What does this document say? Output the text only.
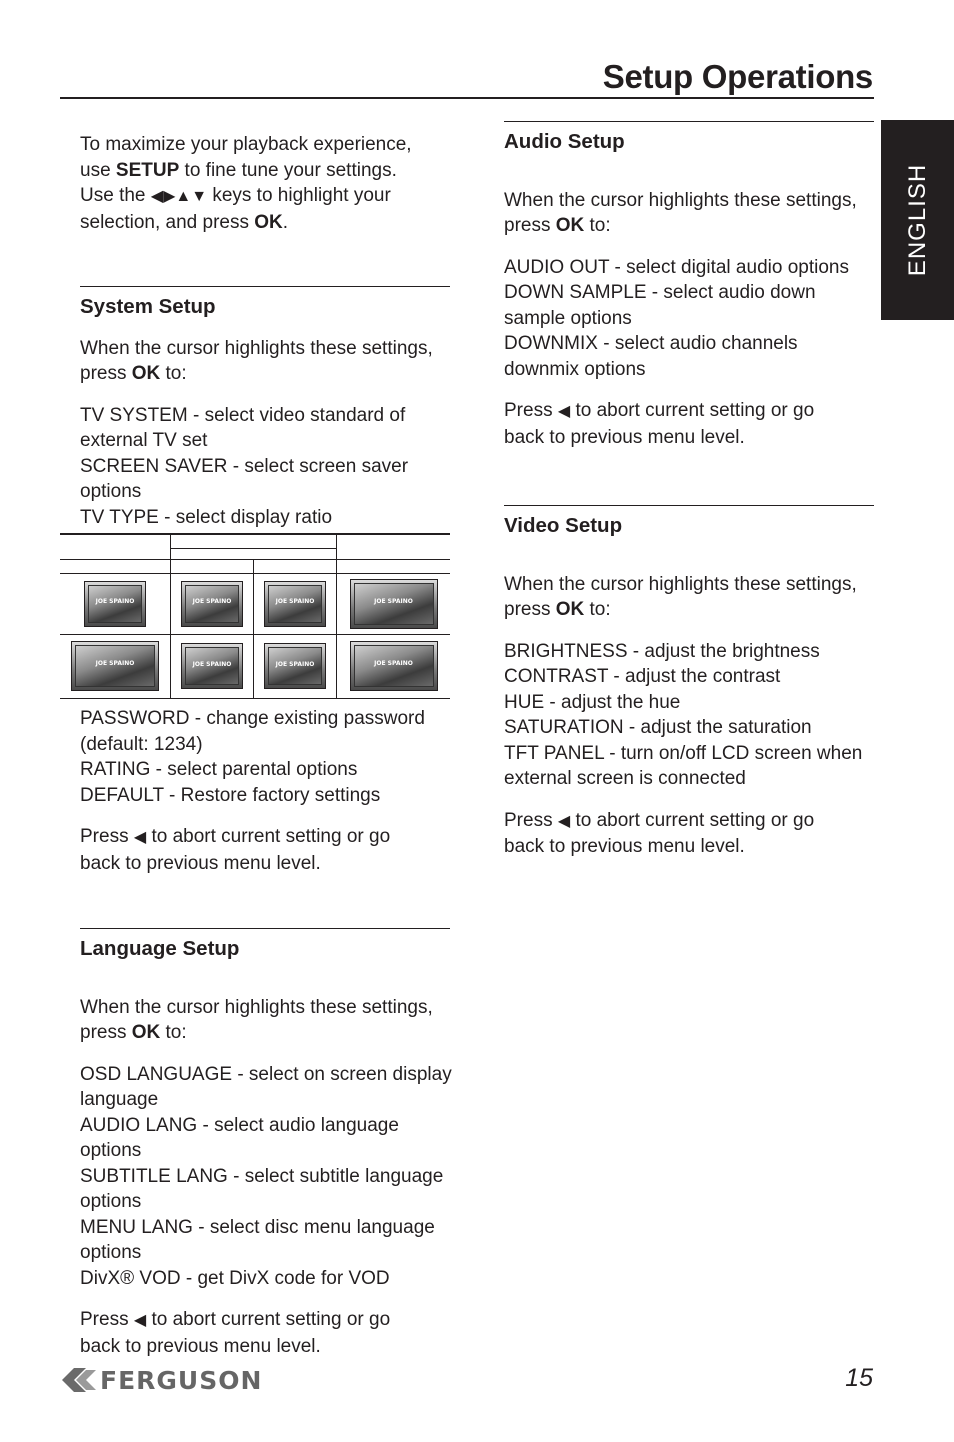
Setup Operations
ENGLISH

To maximize your playback experience,
use SETUP to fine tune your settings.
Use the ◀▶▲▼ keys to highlight your
selection, and press OK.

System Setup

When the cursor highlights these settings,
press OK to:

TV SYSTEM - select video standard of
external TV set
SCREEN SAVER - select screen saver
options
TV TYPE - select display ratio

JOE SPAINO	JOE SPAINO	JOE SPAINO	JOE SPAINO

JOE SPAINO	JOE SPAINO	JOE SPAINO	JOE SPAINO

PASSWORD - change existing password
(default: 1234)
RATING - select parental options
DEFAULT - Restore factory settings

Press ◀ to abort current setting or go
back to previous menu level.

Language Setup

When the cursor highlights these settings,
press OK to:

OSD LANGUAGE - select on screen display
language
AUDIO LANG - select audio language
options
SUBTITLE LANG - select subtitle language
options
MENU LANG - select disc menu language
options
DivX® VOD - get DivX code for VOD

Press ◀ to abort current setting or go
back to previous menu level.

Audio Setup

When the cursor highlights these settings,
press OK to:

AUDIO OUT - select digital audio options
DOWN SAMPLE - select audio down
sample options
DOWNMIX - select audio channels
downmix options

Press ◀ to abort current setting or go
back to previous menu level.

Video Setup

When the cursor highlights these settings,
press OK to:

BRIGHTNESS - adjust the brightness
CONTRAST - adjust the contrast
HUE - adjust the hue
SATURATION - adjust the saturation
TFT PANEL - turn on/off LCD screen when
external screen is connected

Press ◀ to abort current setting or go
back to previous menu level.

FERGUSON	15
